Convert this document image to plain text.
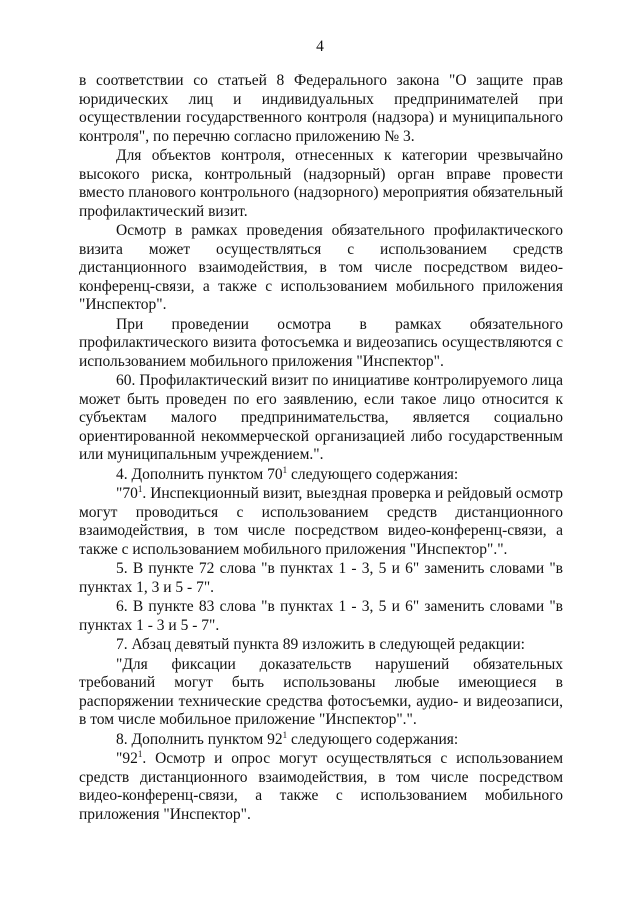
4

в соответствии со статьей 8 Федерального закона "О защите прав юридических лиц и индивидуальных предпринимателей при осуществлении государственного контроля (надзора) и муниципального контроля", по перечню согласно приложению № 3.

Для объектов контроля, отнесенных к категории чрезвычайно высокого риска, контрольный (надзорный) орган вправе провести вместо планового контрольного (надзорного) мероприятия обязательный профилактический визит.

Осмотр в рамках проведения обязательного профилактического визита может осуществляться с использованием средств дистанционного взаимодействия, в том числе посредством видео-конференц-связи, а также с использованием мобильного приложения "Инспектор".

При проведении осмотра в рамках обязательного профилактического визита фотосъемка и видеозапись осуществляются с использованием мобильного приложения "Инспектор".

60. Профилактический визит по инициативе контролируемого лица может быть проведен по его заявлению, если такое лицо относится к субъектам малого предпринимательства, является социально ориентированной некоммерческой организацией либо государственным или муниципальным учреждением.".

4. Дополнить пунктом $70^1$ следующего содержания:

"$70^1$. Инспекционный визит, выездная проверка и рейдовый осмотр могут проводиться с использованием средств дистанционного взаимодействия, в том числе посредством видео-конференц-связи, а также с использованием мобильного приложения "Инспектор".".

5. В пункте 72 слова "в пунктах 1 - 3, 5 и 6" заменить словами "в пунктах 1, 3 и 5 - 7".

6. В пункте 83 слова "в пунктах 1 - 3, 5 и 6" заменить словами "в пунктах 1 - 3 и 5 - 7".

7. Абзац девятый пункта 89 изложить в следующей редакции:

"Для фиксации доказательств нарушений обязательных требований могут быть использованы любые имеющиеся в распоряжении технические средства фотосъемки, аудио- и видеозаписи, в том числе мобильное приложение "Инспектор".".

8. Дополнить пунктом $92^1$ следующего содержания:

"$92^1$. Осмотр и опрос могут осуществляться с использованием средств дистанционного взаимодействия, в том числе посредством видео-конференц-связи, а также с использованием мобильного приложения "Инспектор".
